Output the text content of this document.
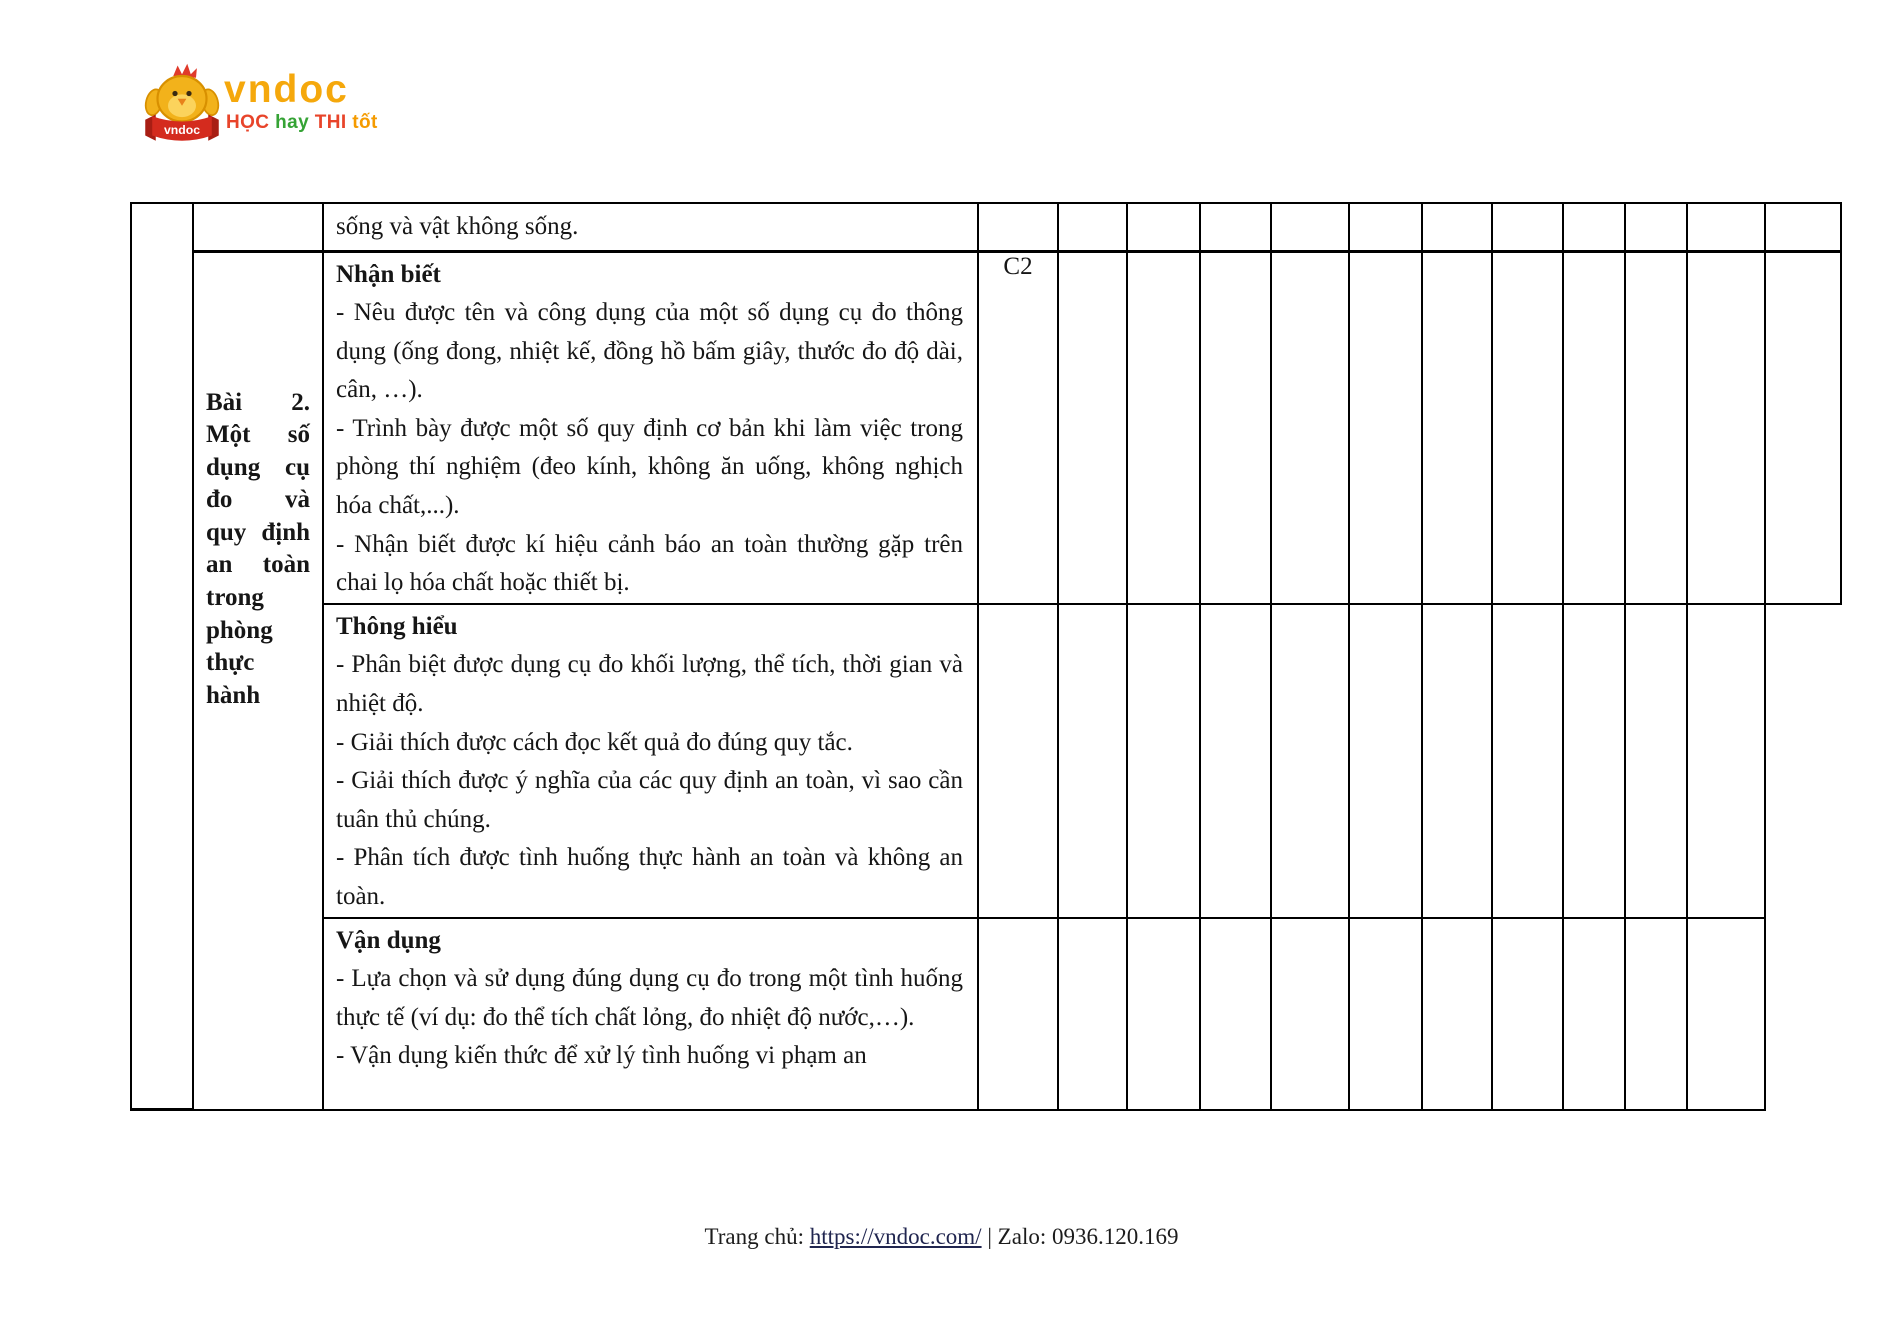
vndoc
vndoc
HỌC hay THI tốt

		sống và vật không sống.												

	Bài 2. Một số dụng cụ đo và quy định an toàn trong phòng thực hành	Nhận biết

- Nêu được tên và công dụng của một số dụng cụ đo thông dụng (ống đong, nhiệt kế, đồng hồ bấm giây, thước đo độ dài, cân, …).

- Trình bày được một số quy định cơ bản khi làm việc trong phòng thí nghiệm (đeo kính, không ăn uống, không nghịch hóa chất,...).

- Nhận biết được kí hiệu cảnh báo an toàn thường gặp trên chai lọ hóa chất hoặc thiết bị.	C2											

		Thông hiểu

- Phân biệt được dụng cụ đo khối lượng, thể tích, thời gian và nhiệt độ.

- Giải thích được cách đọc kết quả đo đúng quy tắc.

- Giải thích được ý nghĩa của các quy định an toàn, vì sao cần tuân thủ chúng.

- Phân tích được tình huống thực hành an toàn và không an toàn.												

		Vận dụng

- Lựa chọn và sử dụng đúng dụng cụ đo trong một tình huống thực tế (ví dụ: đo thể tích chất lỏng, đo nhiệt độ nước,…).

- Vận dụng kiến thức để xử lý tình huống vi phạm an												

Trang chủ: https://vndoc.com/ | Zalo: 0936.120.169
